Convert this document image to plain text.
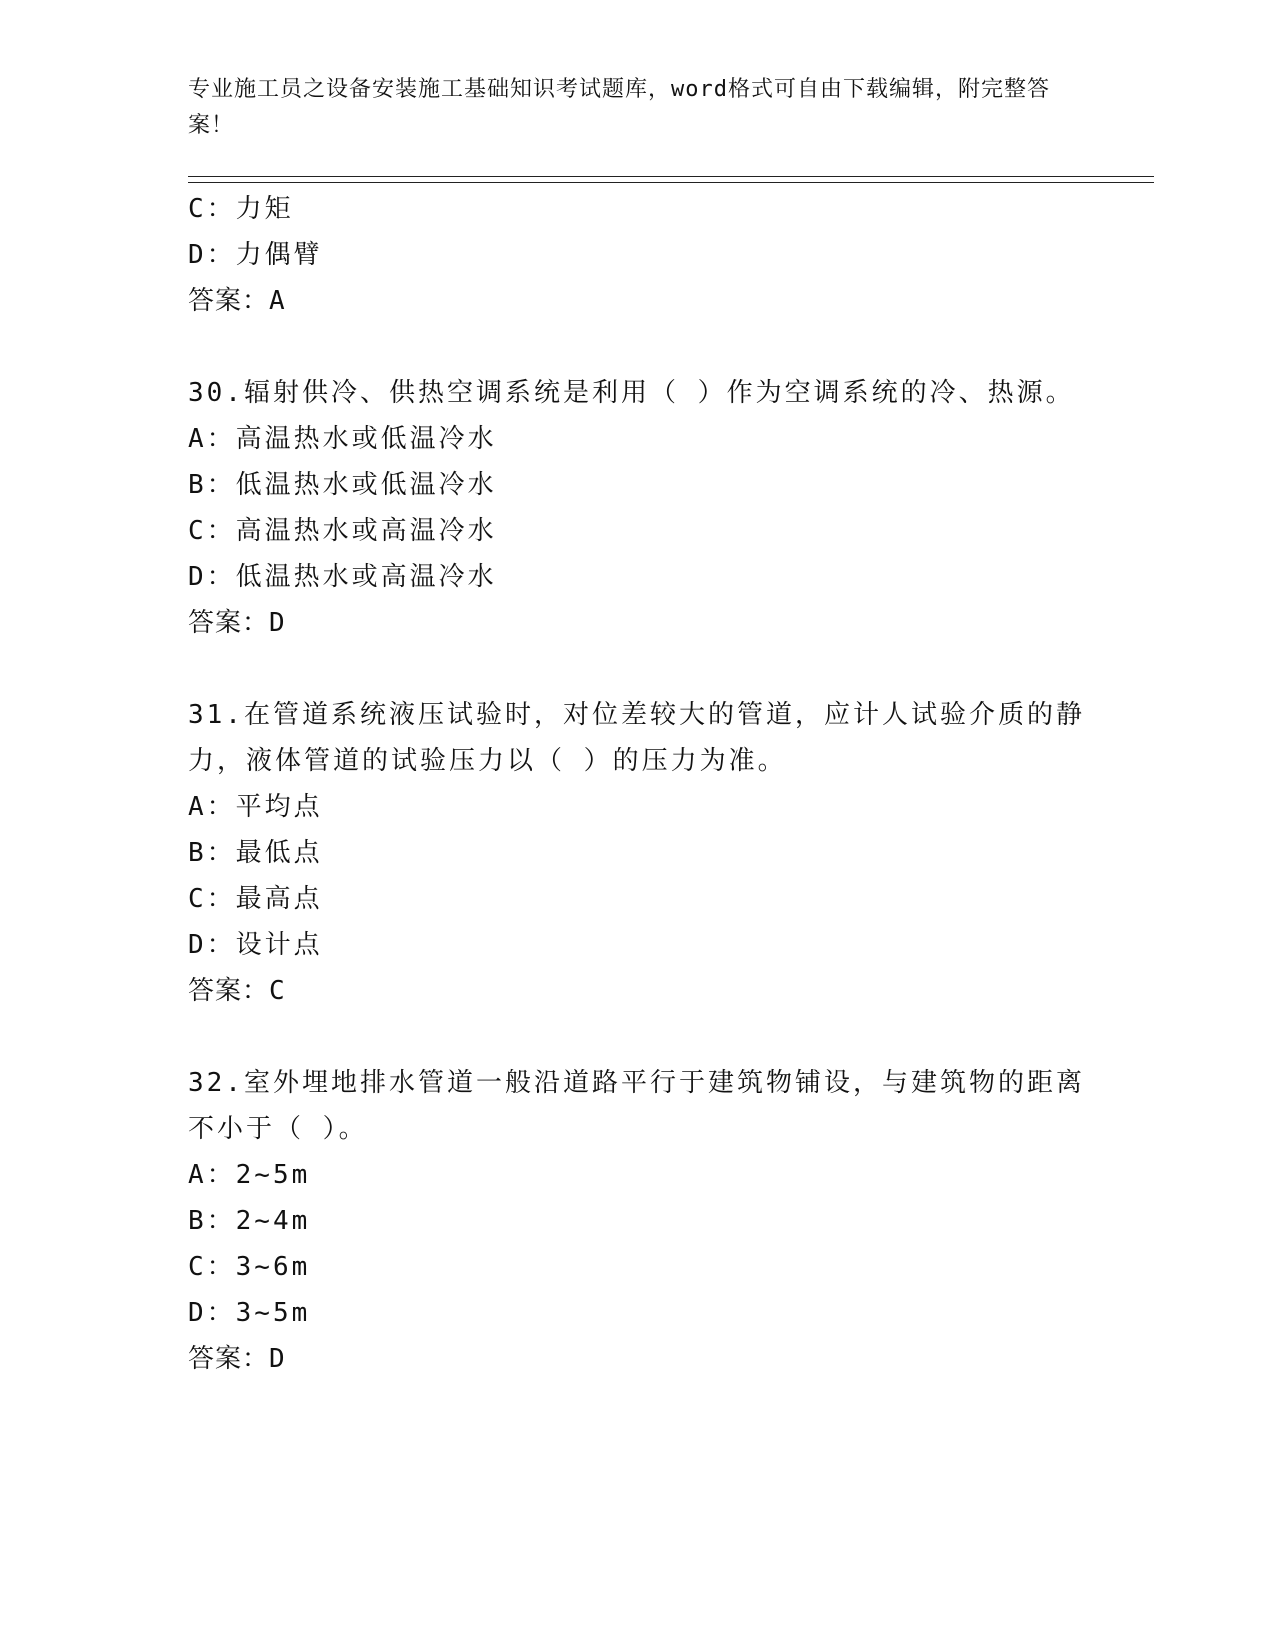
专业施工员之设备安装施工基础知识考试题库，word格式可自由下载编辑，附完整答案！
C：力矩
D：力偶臂
答案：A
30.辐射供冷、供热空调系统是利用（ ）作为空调系统的冷、热源。
A：高温热水或低温冷水
B：低温热水或低温冷水
C：高温热水或高温冷水
D：低温热水或高温冷水
答案：D
31.在管道系统液压试验时，对位差较大的管道，应计人试验介质的静
力，液体管道的试验压力以（ ）的压力为准。
A：平均点
B：最低点
C：最高点
D：设计点
答案：C
32.室外埋地排水管道一般沿道路平行于建筑物铺设，与建筑物的距离
不小于（ ）。
A：2~5m
B：2~4m
C：3~6m
D：3~5m
答案：D
